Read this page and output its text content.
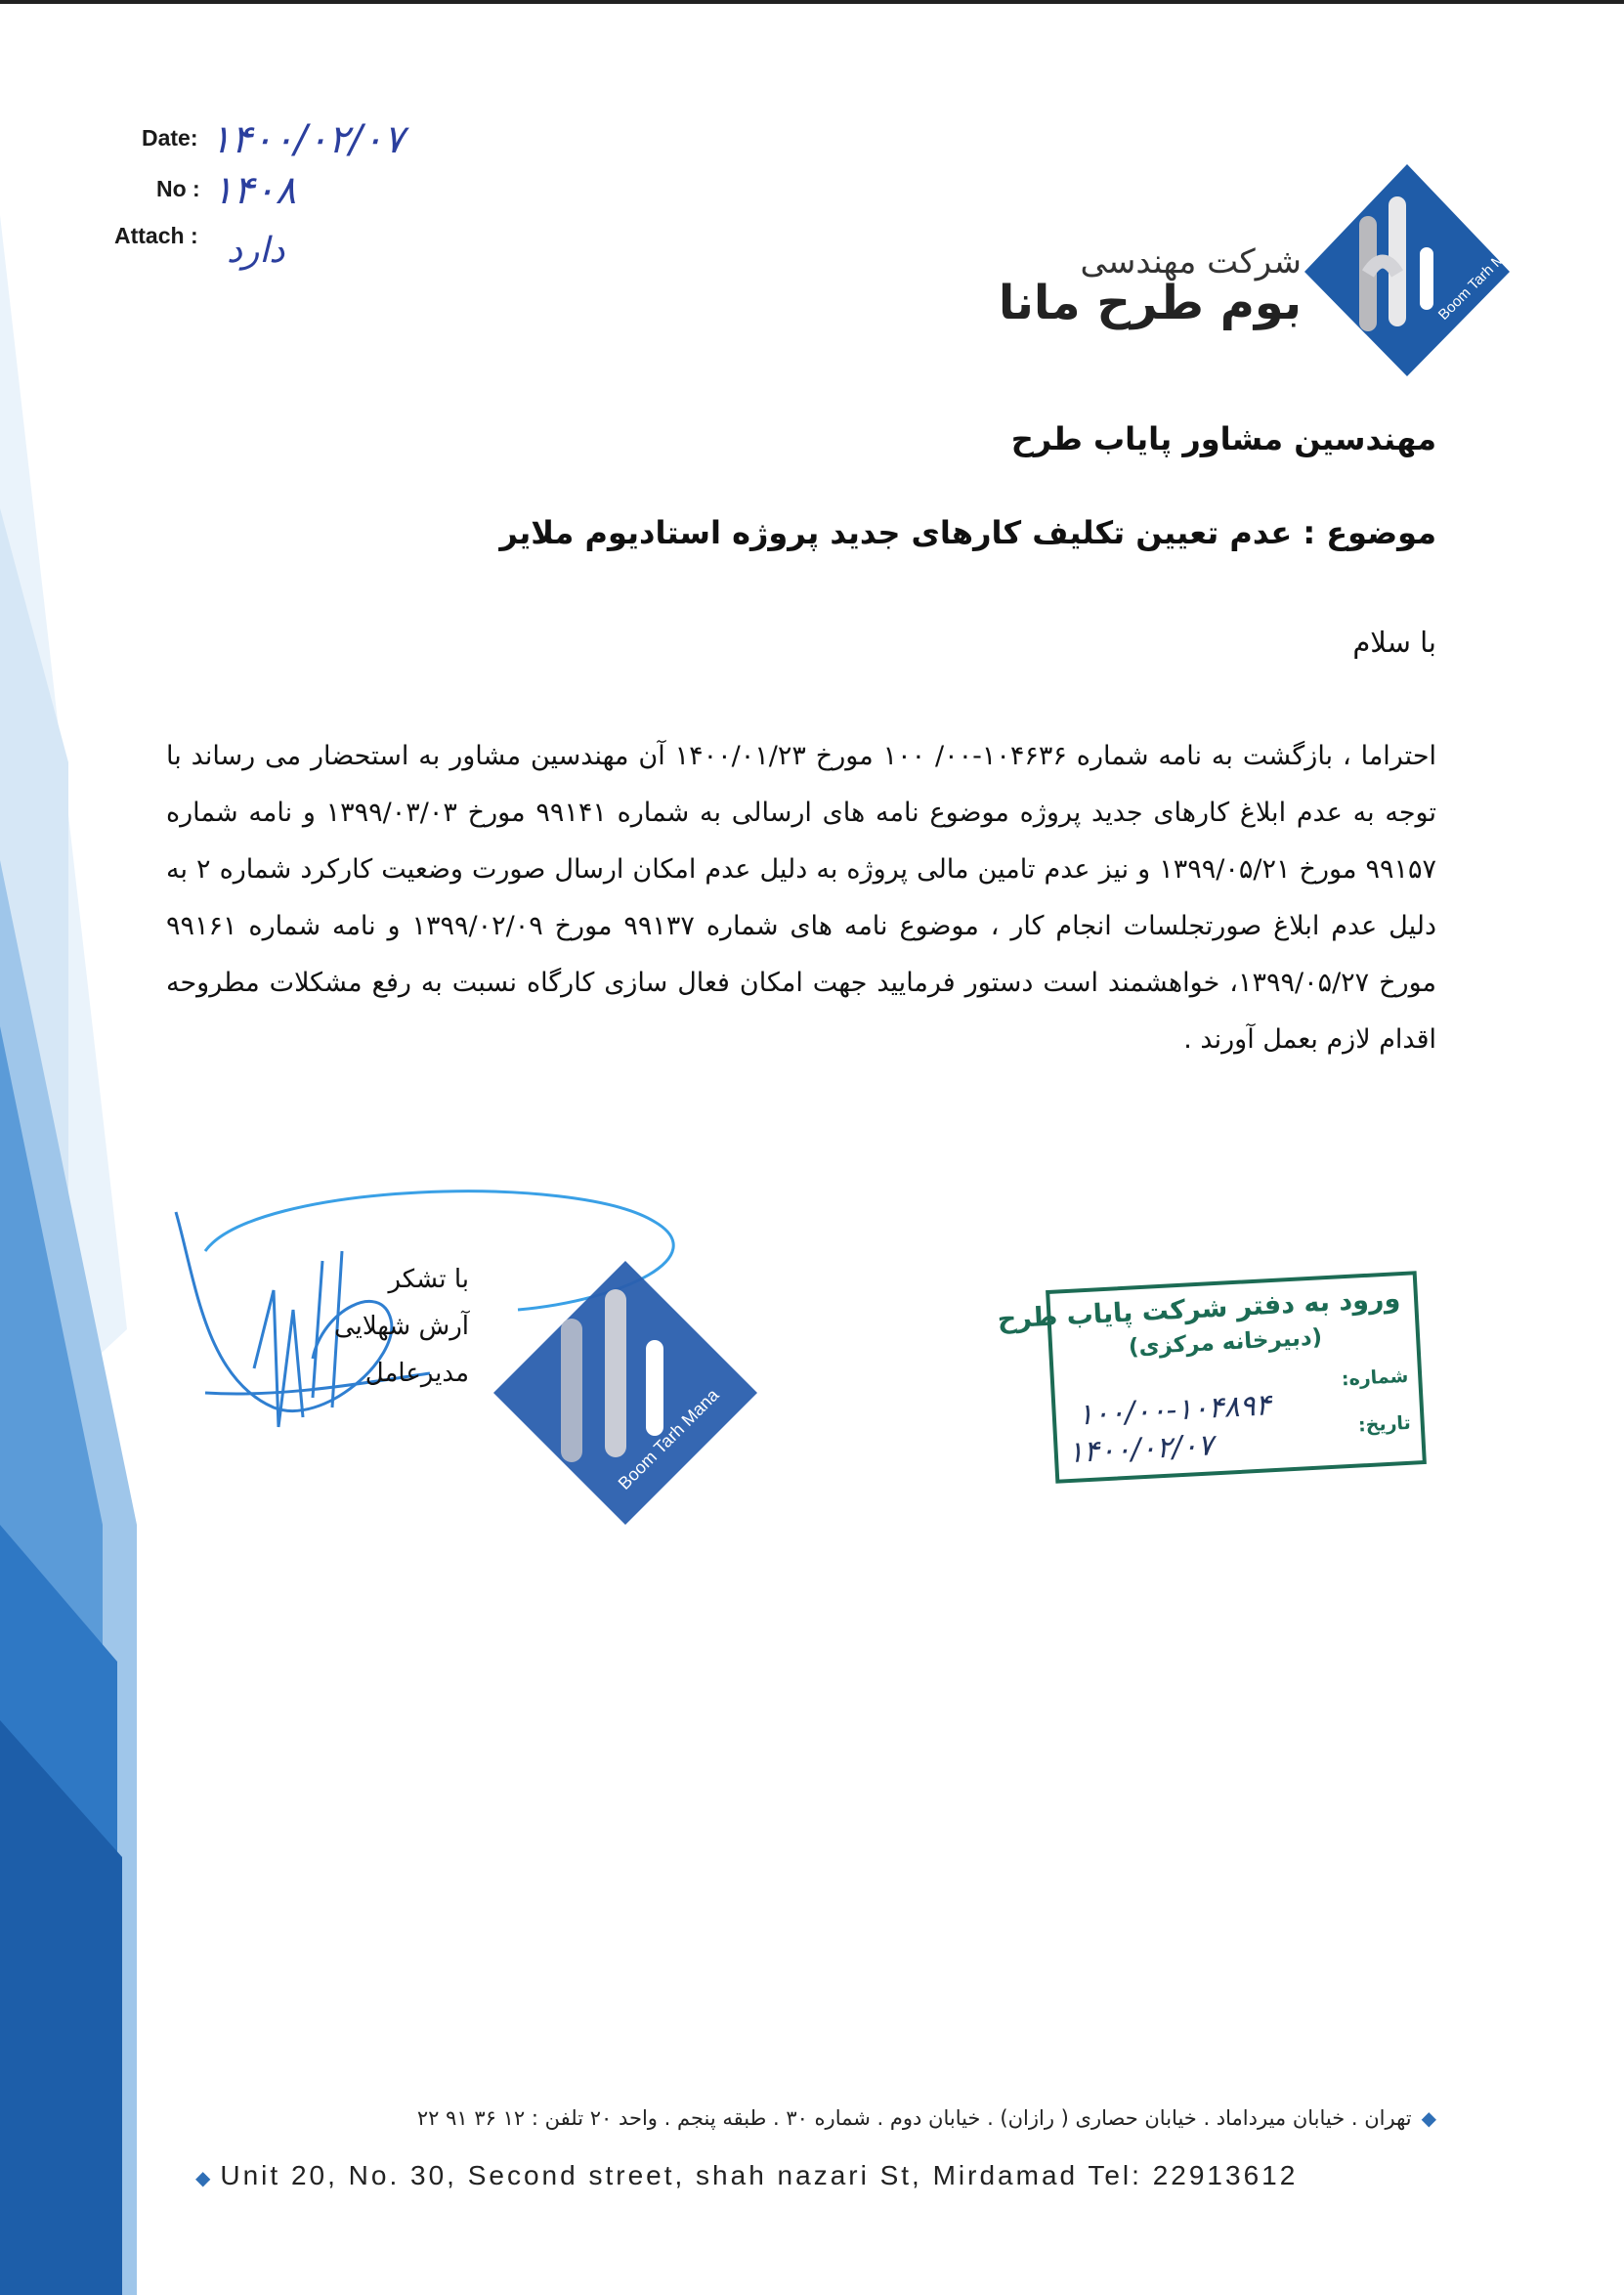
Date: ۱۴۰۰/۰۲/۰۷
No : ۱۴۰۸
Attach : دارد	شرکت مهندسی
بوم طرح مانا	Boom Tarh Mana
مهندسین مشاور پایاب طرح
موضوع : عدم تعیین تکلیف کارهای جدید پروژه استادیوم ملایر
با سلام
احتراما ، بازگشت به نامه شماره ۱۰۴۶۳۶-۰۰/ ۱۰۰ مورخ ۱۴۰۰/۰۱/۲۳ آن مهندسین مشاور به استحضار می رساند با توجه به عدم ابلاغ کارهای جدید پروژه موضوع نامه های ارسالی به شماره ۹۹۱۴۱ مورخ ۱۳۹۹/۰۳/۰۳ و نامه شماره ۹۹۱۵۷ مورخ ۱۳۹۹/۰۵/۲۱ و نیز عدم تامین مالی پروژه به دلیل عدم امکان ارسال صورت وضعیت کارکرد شماره ۲ به دلیل عدم ابلاغ صورتجلسات انجام کار ، موضوع نامه های شماره ۹۹۱۳۷ مورخ ۱۳۹۹/۰۲/۰۹ و نامه شماره ۹۹۱۶۱ مورخ ۱۳۹۹/۰۵/۲۷، خواهشمند است دستور فرمایید جهت امکان فعال سازی کارگاه نسبت به رفع مشکلات مطروحه اقدام لازم بعمل آورند .
Boom Tarh Mana
با تشکر
آرش شهلایی
مدیرعامل
ورود به دفتر شرکت پایاب طرح
(دبیرخانه مرکزی)
شماره:
تاریخ:
۱۰۰/۰۰-۱۰۴۸۹۴
۱۴۰۰/۰۲/۰۷
◆تهران . خیابان میرداماد . خیابان حصاری ( رازان) . خیابان دوم . شماره ۳۰ . طبقه پنجم . واحد ۲۰ تلفن : ۱۲ ۳۶ ۹۱ ۲۲
◆ Unit 20, No. 30, Second street, shah nazari St, Mirdamad Tel: 22913612
